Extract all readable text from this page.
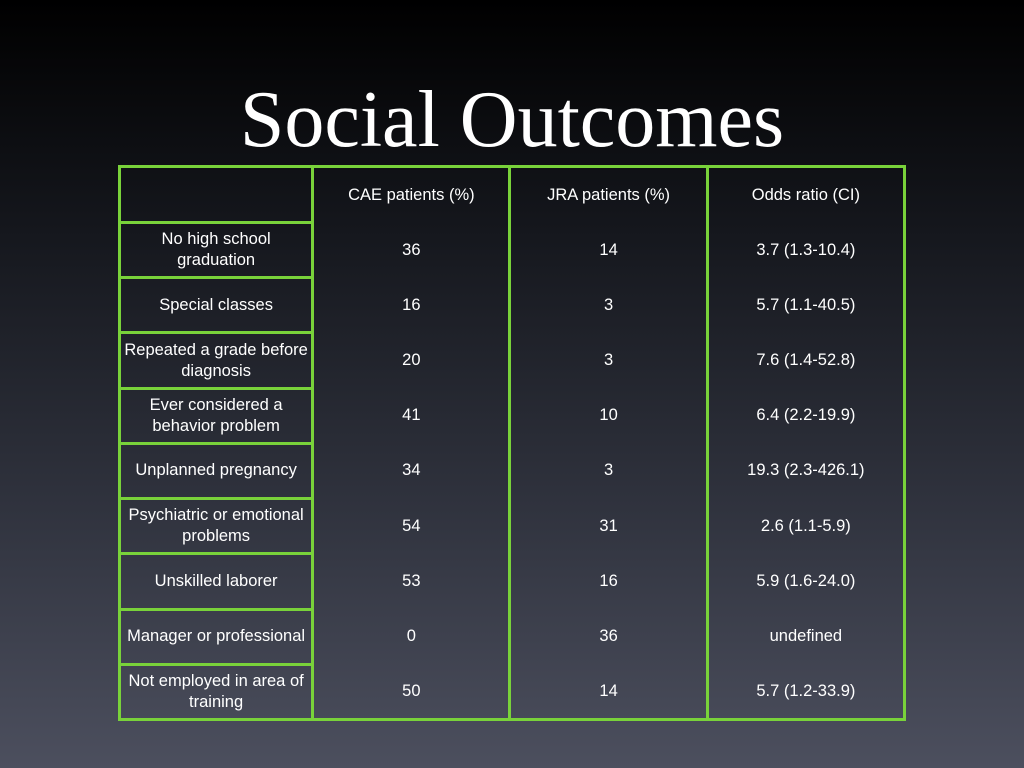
Social Outcomes
	CAE patients (%)	JRA patients (%)	Odds ratio (CI)
No high school graduation	36	14	3.7 (1.3-10.4)
Special classes	16	3	5.7 (1.1-40.5)
Repeated a grade before diagnosis	20	3	7.6 (1.4-52.8)
Ever considered a behavior problem	41	10	6.4 (2.2-19.9)
Unplanned pregnancy	34	3	19.3 (2.3-426.1)
Psychiatric or emotional problems	54	31	2.6 (1.1-5.9)
Unskilled laborer	53	16	5.9 (1.6-24.0)
Manager or professional	0	36	undefined
Not employed in area of training	50	14	5.7 (1.2-33.9)
